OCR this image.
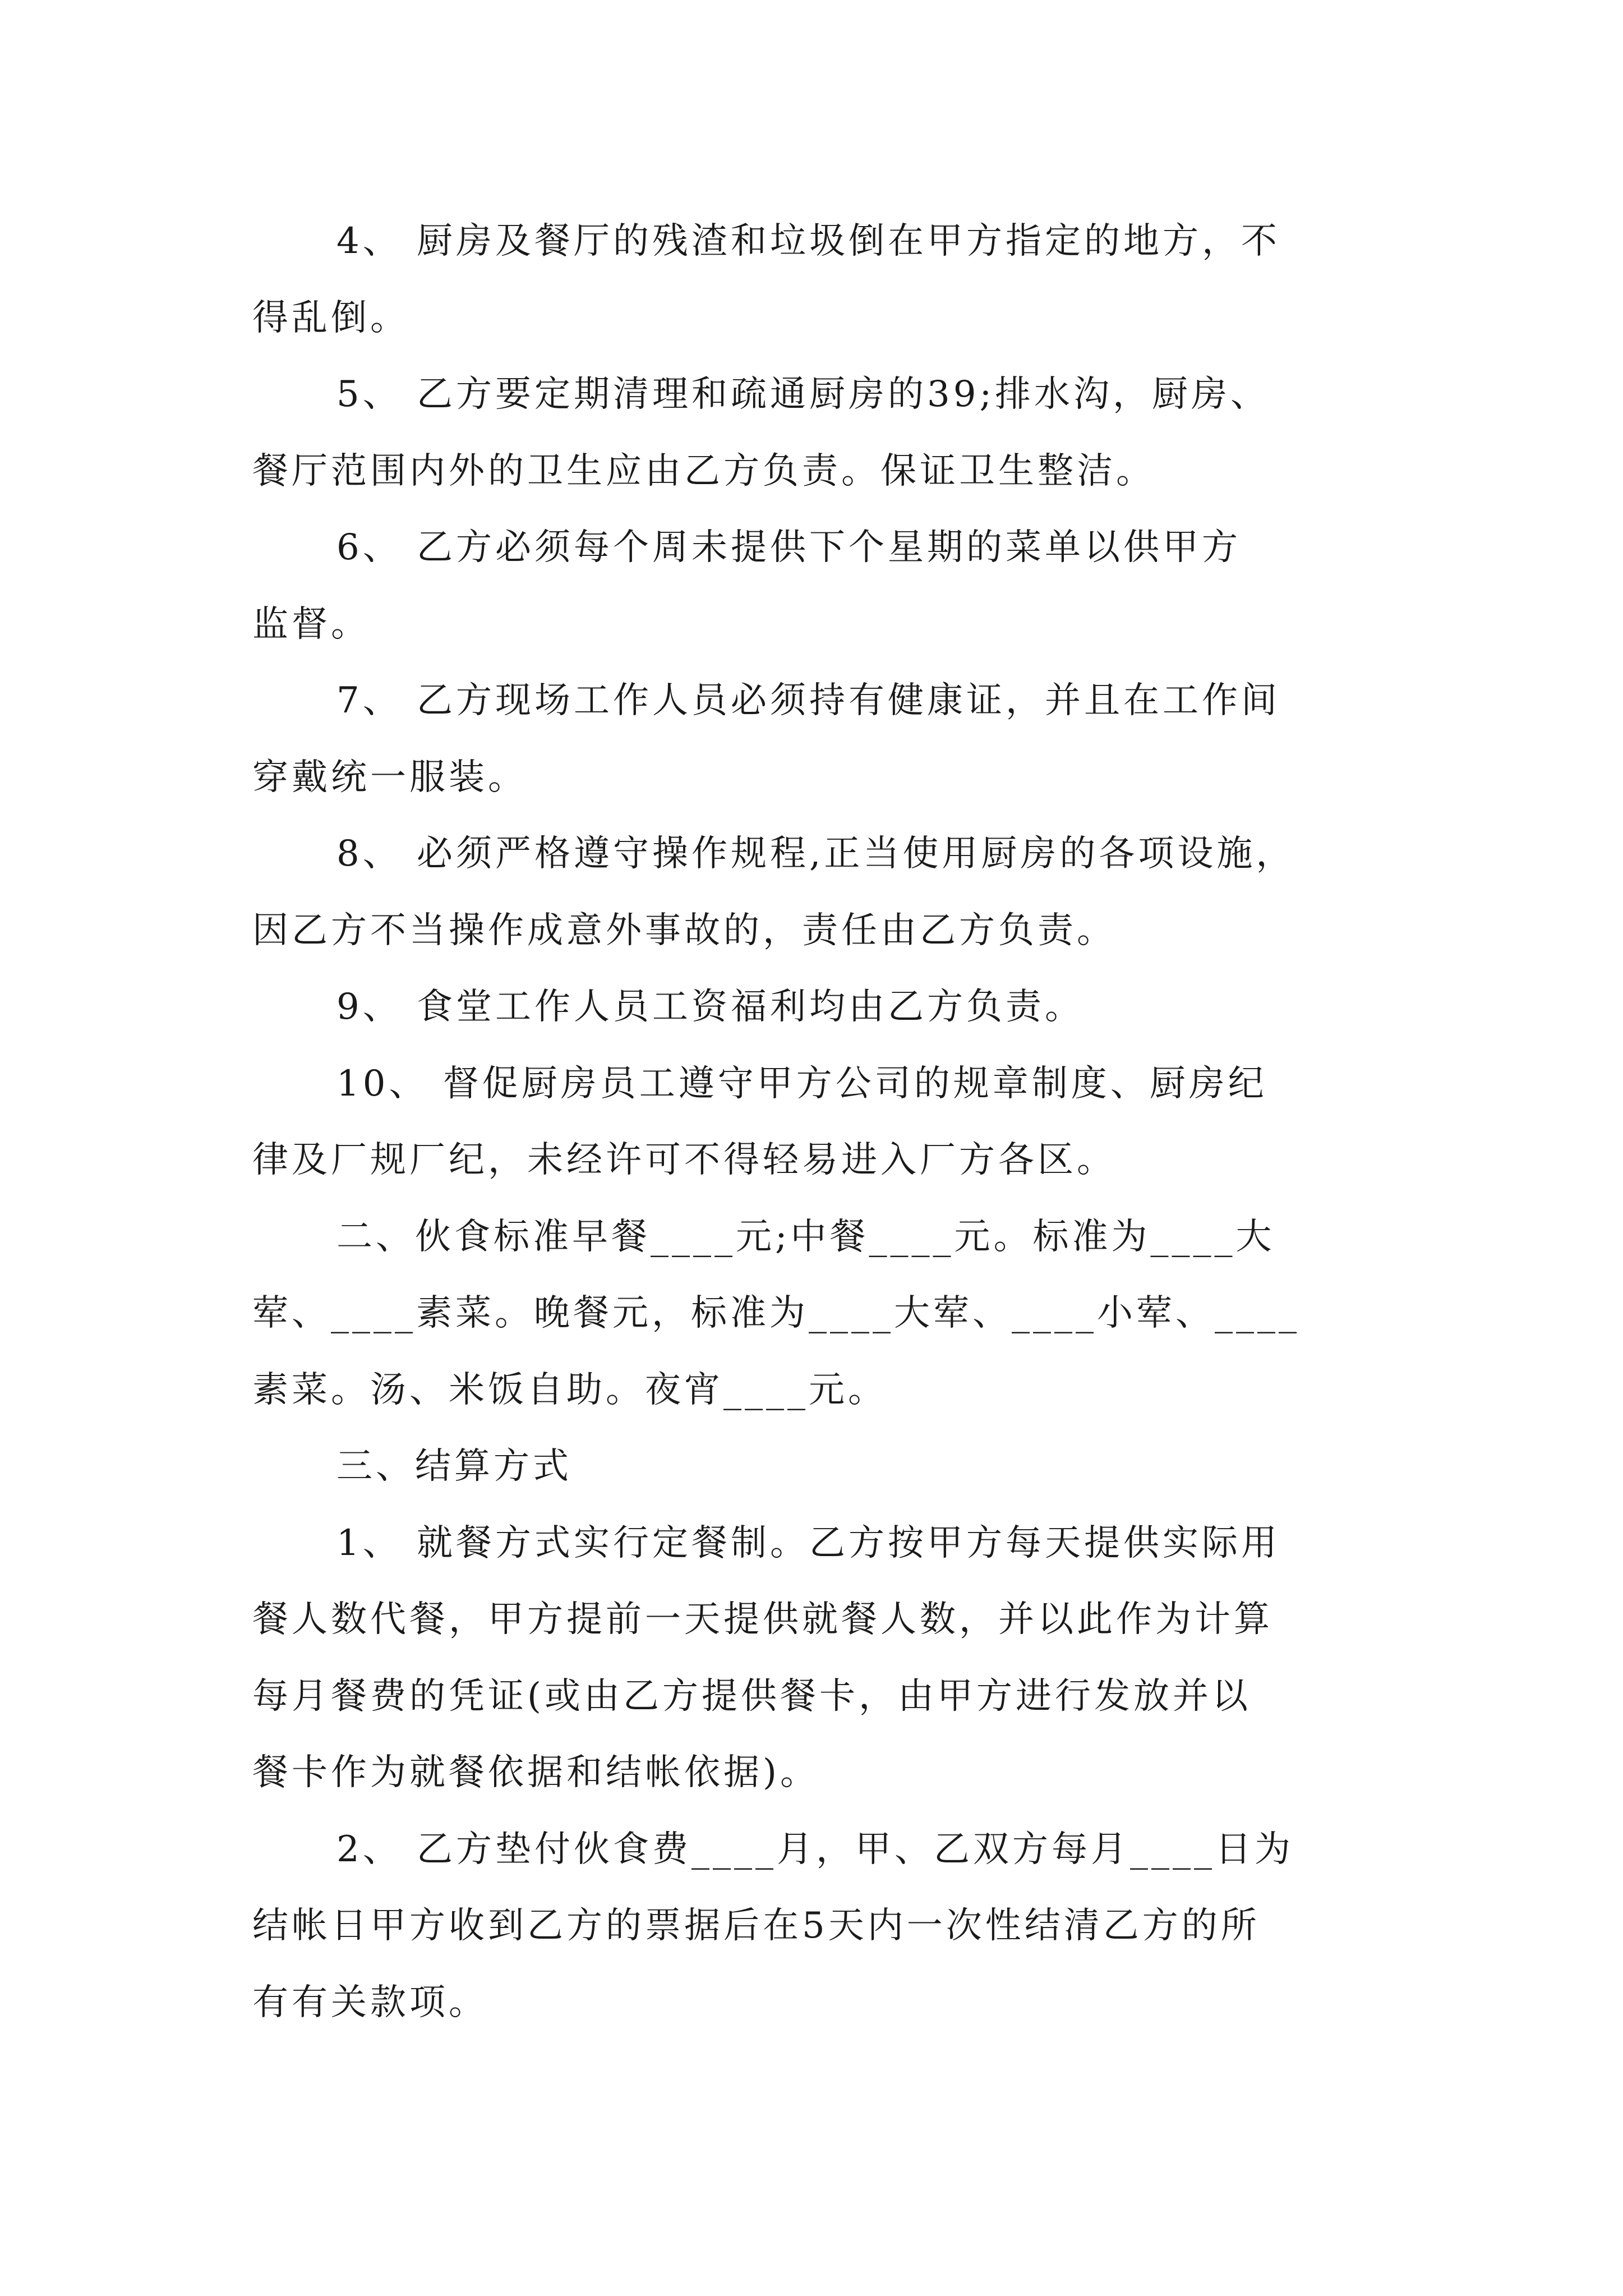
4、 厨房及餐厅的残渣和垃圾倒在甲方指定的地方，不
得乱倒。
5、 乙方要定期清理和疏通厨房的39;排水沟，厨房、
餐厅范围内外的卫生应由乙方负责。保证卫生整洁。
6、 乙方必须每个周未提供下个星期的菜单以供甲方
监督。
7、 乙方现场工作人员必须持有健康证，并且在工作间
穿戴统一服装。
8、 必须严格遵守操作规程,正当使用厨房的各项设施，
因乙方不当操作成意外事故的，责任由乙方负责。
9、 食堂工作人员工资福利均由乙方负责。
10、 督促厨房员工遵守甲方公司的规章制度、厨房纪
律及厂规厂纪，未经许可不得轻易进入厂方各区。
二、伙食标准早餐____元;中餐____元。标准为____大
荤、____素菜。晚餐元，标准为____大荤、____小荤、____
素菜。汤、米饭自助。夜宵____元。
三、结算方式
1、 就餐方式实行定餐制。乙方按甲方每天提供实际用
餐人数代餐，甲方提前一天提供就餐人数，并以此作为计算
每月餐费的凭证(或由乙方提供餐卡，由甲方进行发放并以
餐卡作为就餐依据和结帐依据)。
2、 乙方垫付伙食费____月，甲、乙双方每月____日为
结帐日甲方收到乙方的票据后在5天内一次性结清乙方的所
有有关款项。
